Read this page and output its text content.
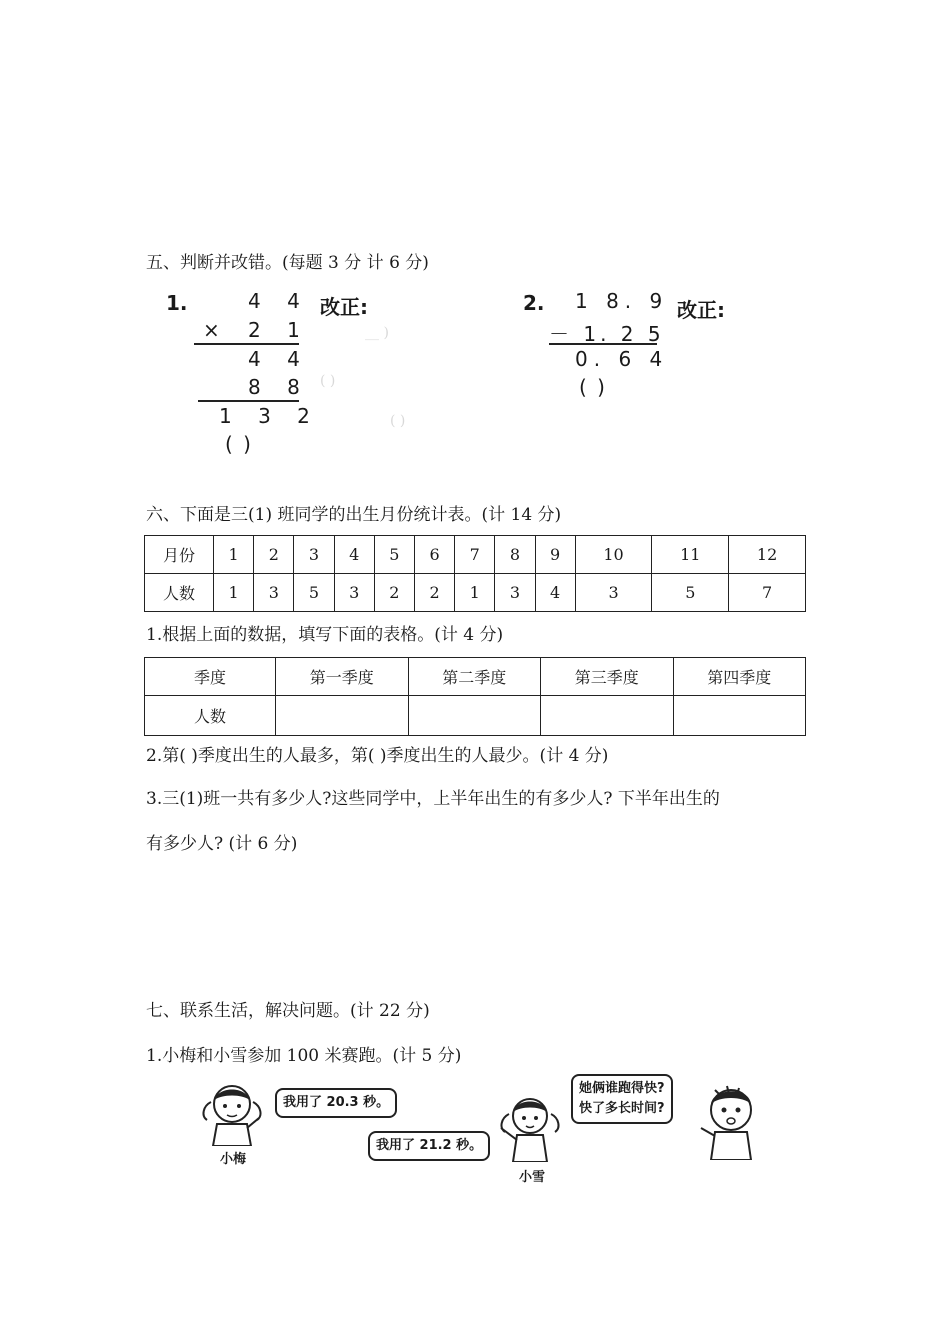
五、判断并改错。(每题 3 分 计 6 分)
1.	4 4
× 2 1
4 4
8 8
1 3 2
( )
改正:
__ )
( )
( )
2. 1 8. 9
－ 1. 2 5
0. 6 4
( )
改正:
六、下面是三(1) 班同学的出生月份统计表。(计 14 分)
月份	1	2	3	4	5	6	7	8	9	10	11	12
人数	1	3	5	3	2	2	1	3	4	3	5	7
1.根据上面的数据，填写下面的表格。(计 4 分)
季度	第一季度	第二季度	第三季度	第四季度
人数				
2.第( )季度出生的人最多，第( )季度出生的人最少。(计 4 分)
3.三(1)班一共有多少人?这些同学中，上半年出生的有多少人? 下半年出生的
有多少人? (计 6 分)
七、联系生活，解决问题。(计 22 分)
1.小梅和小雪参加 100 米赛跑。(计 5 分)
小梅
我用了 20.3 秒。
我用了 21.2 秒。
小雪
她俩谁跑得快?
快了多长时间?
